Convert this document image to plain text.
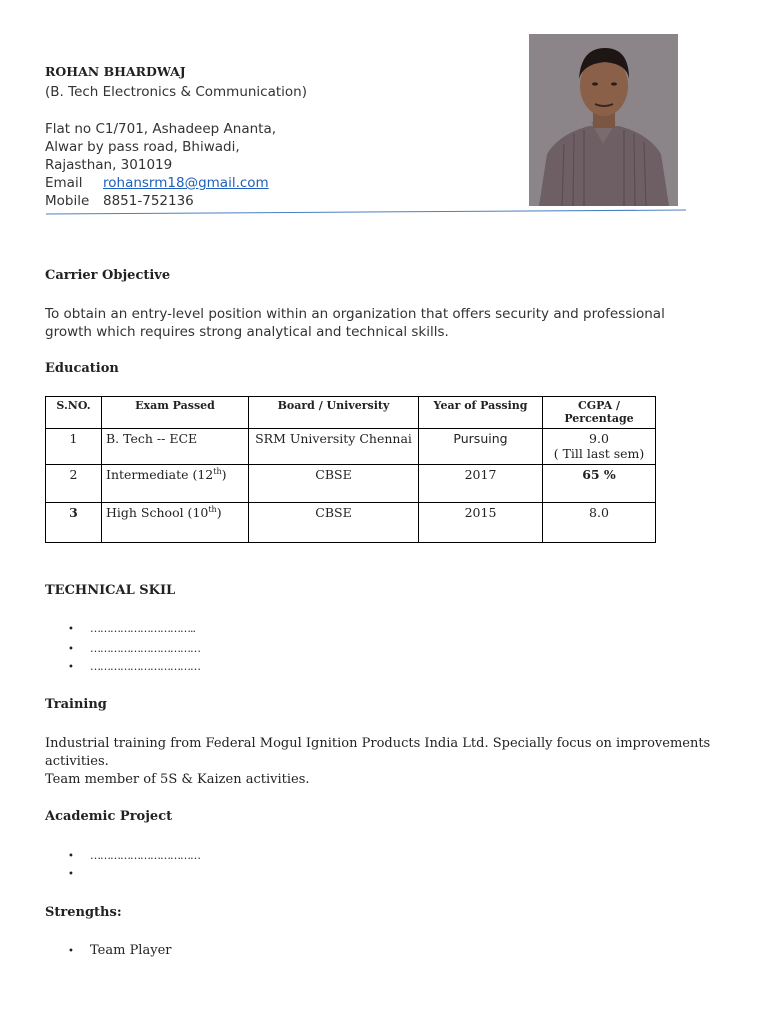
ROHAN BHARDWAJ
(B. Tech Electronics & Communication)
Flat no C1/701, Ashadeep Ananta,
Alwar by pass road, Bhiwadi,
Rajasthan, 301019
Email rohansrm18@gmail.com
Mobile 8851-752136
Carrier Objective
To obtain an entry-level position within an organization that offers security and professional
growth which requires strong analytical and technical skills.
Education
S.NO.	Exam Passed	Board / University	Year of Passing	CGPA / Percentage
1	B. Tech -- ECE	SRM University Chennai	Pursuing	9.0
( Till last sem)

2	Intermediate (12th)	CBSE	2017	65 %
3	High School (10th)	CBSE	2015	8.0
TECHNICAL SKIL
• …………………………..
• ……………………………
• ……………………………
Training
Industrial training from Federal Mogul Ignition Products India Ltd. Specially focus on improvements
activities.
Team member of 5S & Kaizen activities.
Academic Project
• ……………………………
•
Strengths:
• Team Player
